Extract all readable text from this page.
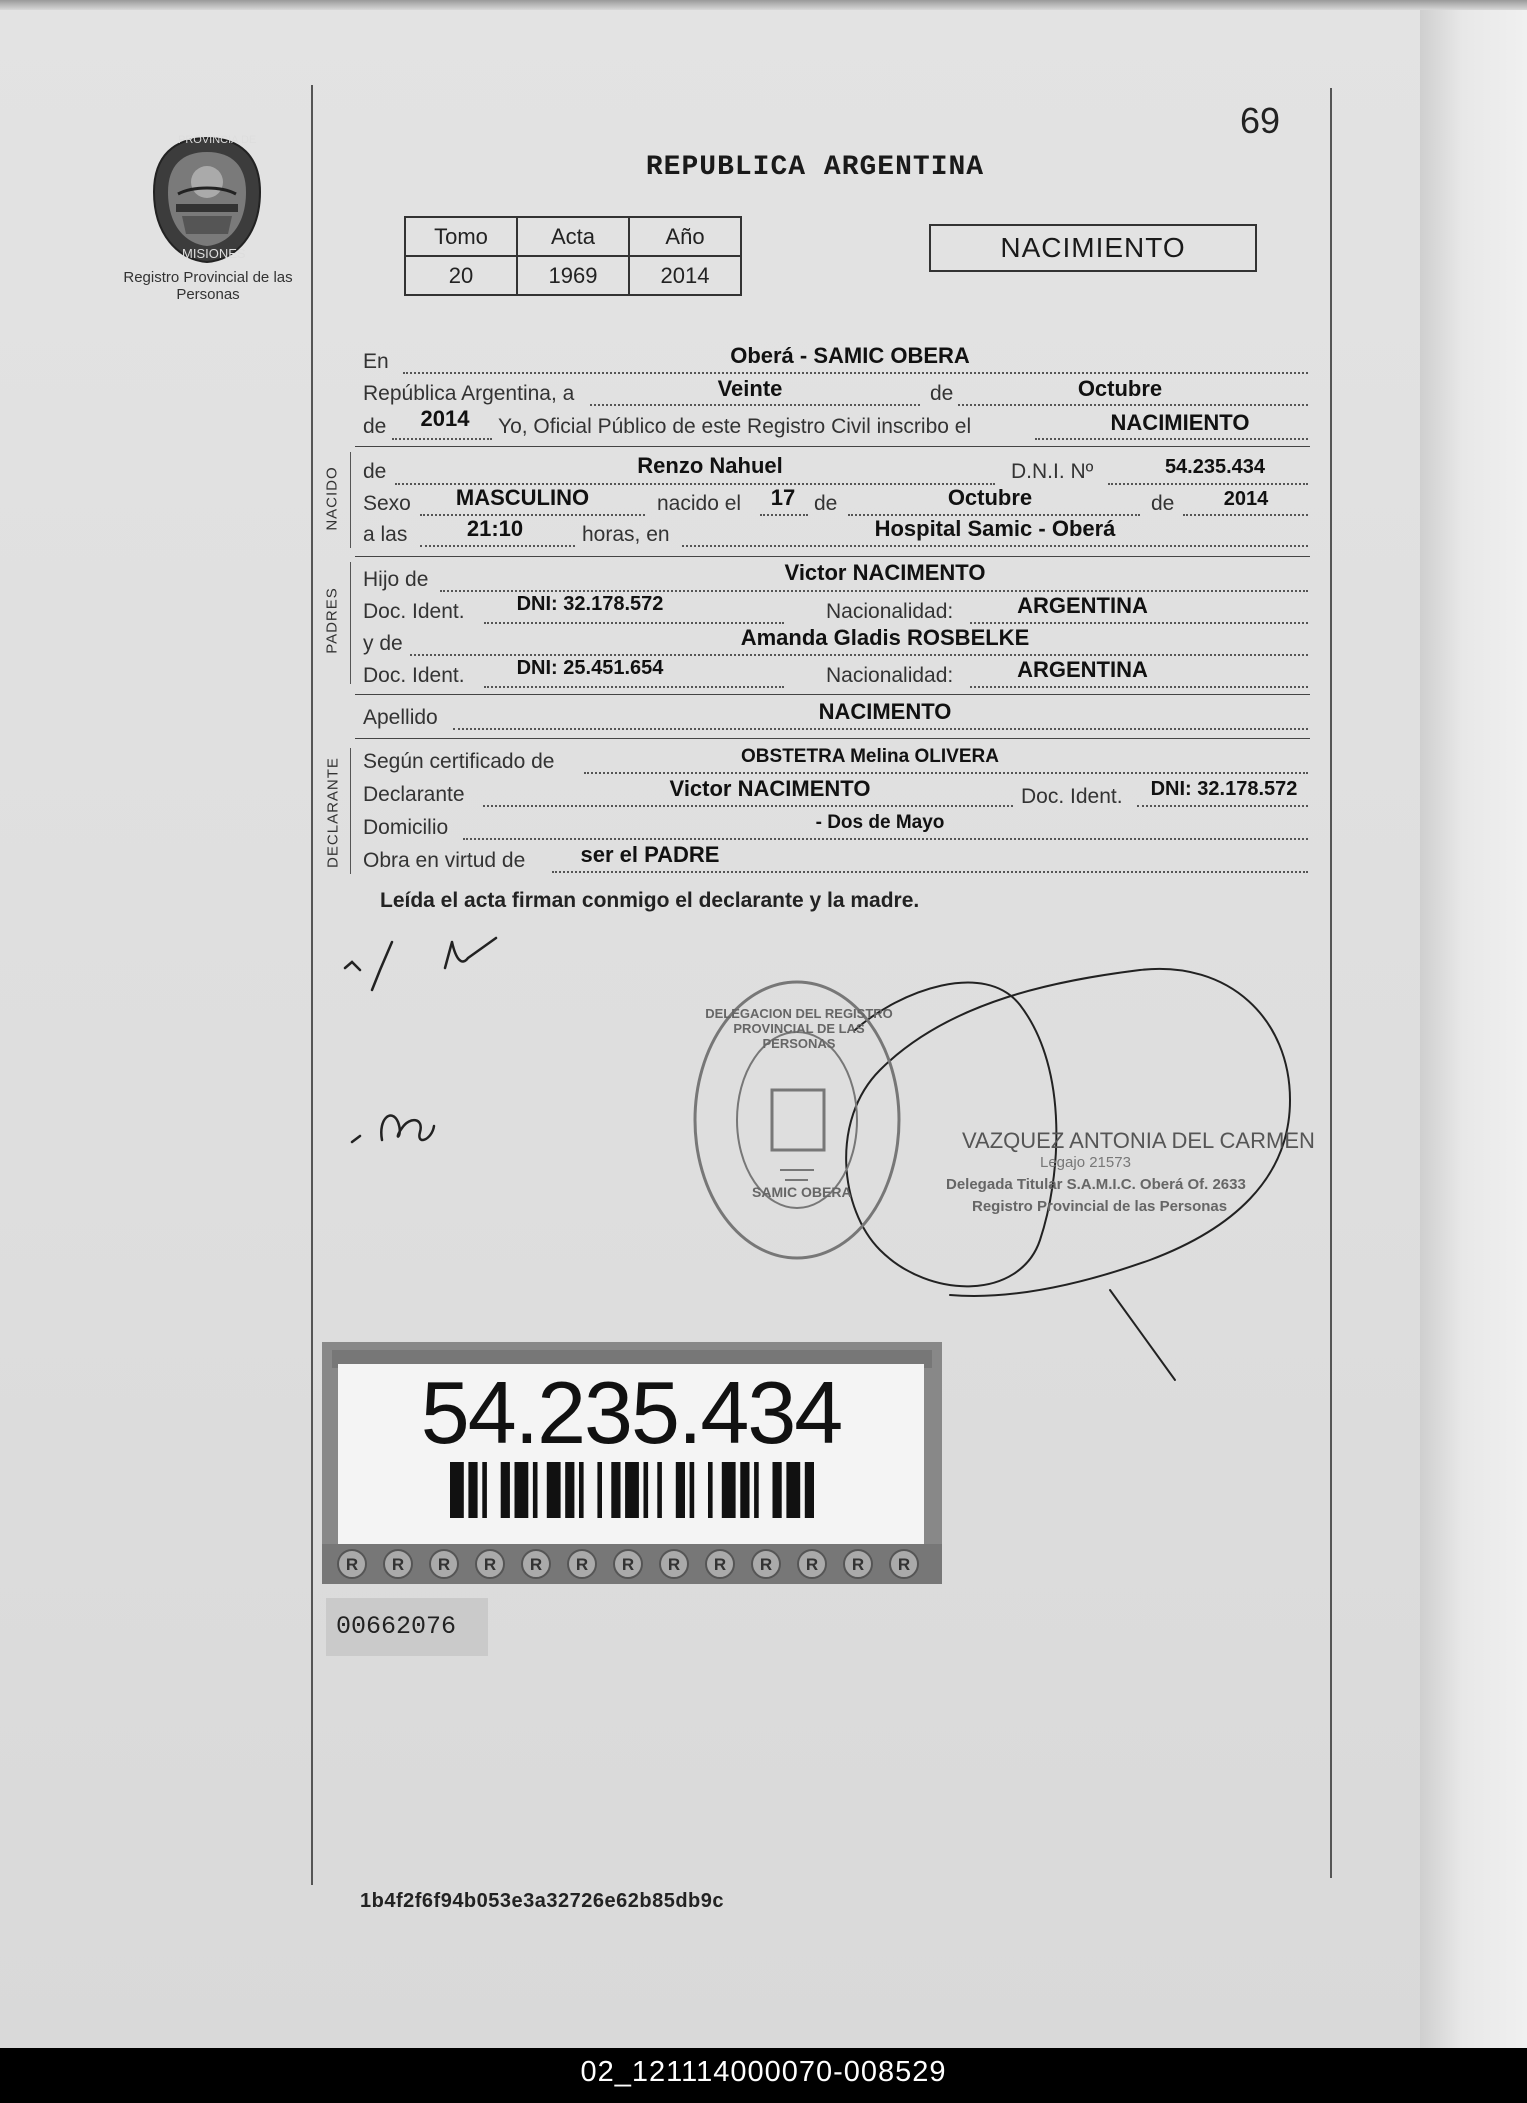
69
PROVINCIA DE
MISIONES
Registro Provincial de las Personas
REPUBLICA ARGENTINA
Tomo	Acta	Año
20	1969	2014
NACIMIENTO
En	Oberá - SAMIC OBERA
República Argentina, a	Veinte	de	Octubre
de	2014	Yo, Oficial Público de este Registro Civil inscribo el	NACIMIENTO
NACIDO de	Renzo Nahuel	D.N.I. Nº	54.235.434
Sexo	MASCULINO	nacido el	17 de	Octubre	de	2014
a las	21:10	horas, en	Hospital Samic - Oberá
PADRES
Hijo de	Victor NACIMENTO
Doc. Ident.	DNI: 32.178.572	Nacionalidad:	ARGENTINA
y de	Amanda Gladis ROSBELKE
Doc. Ident.	DNI: 25.451.654	Nacionalidad:	ARGENTINA
Apellido	NACIMENTO
DECLARANTE Según certificado de	OBSTETRA Melina OLIVERA
Declarante	Victor NACIMENTO	Doc. Ident.	DNI: 32.178.572
Domicilio	- Dos de Mayo
Obra en virtud de	ser el PADRE
Leída el acta firman conmigo el declarante y la madre.
DELEGACION DEL REGISTRO PROVINCIAL DE LAS PERSONAS
SAMIC OBERA
VAZQUEZ ANTONIA DEL CARMEN
Legajo 21573
Delegada Titular S.A.M.I.C. Oberá Of. 2633
Registro Provincial de las Personas
R R R R R R R R R R R R R
54.235.434
00662076
1b4f2f6f94b053e3a32726e62b85db9c
02_121114000070-008529
